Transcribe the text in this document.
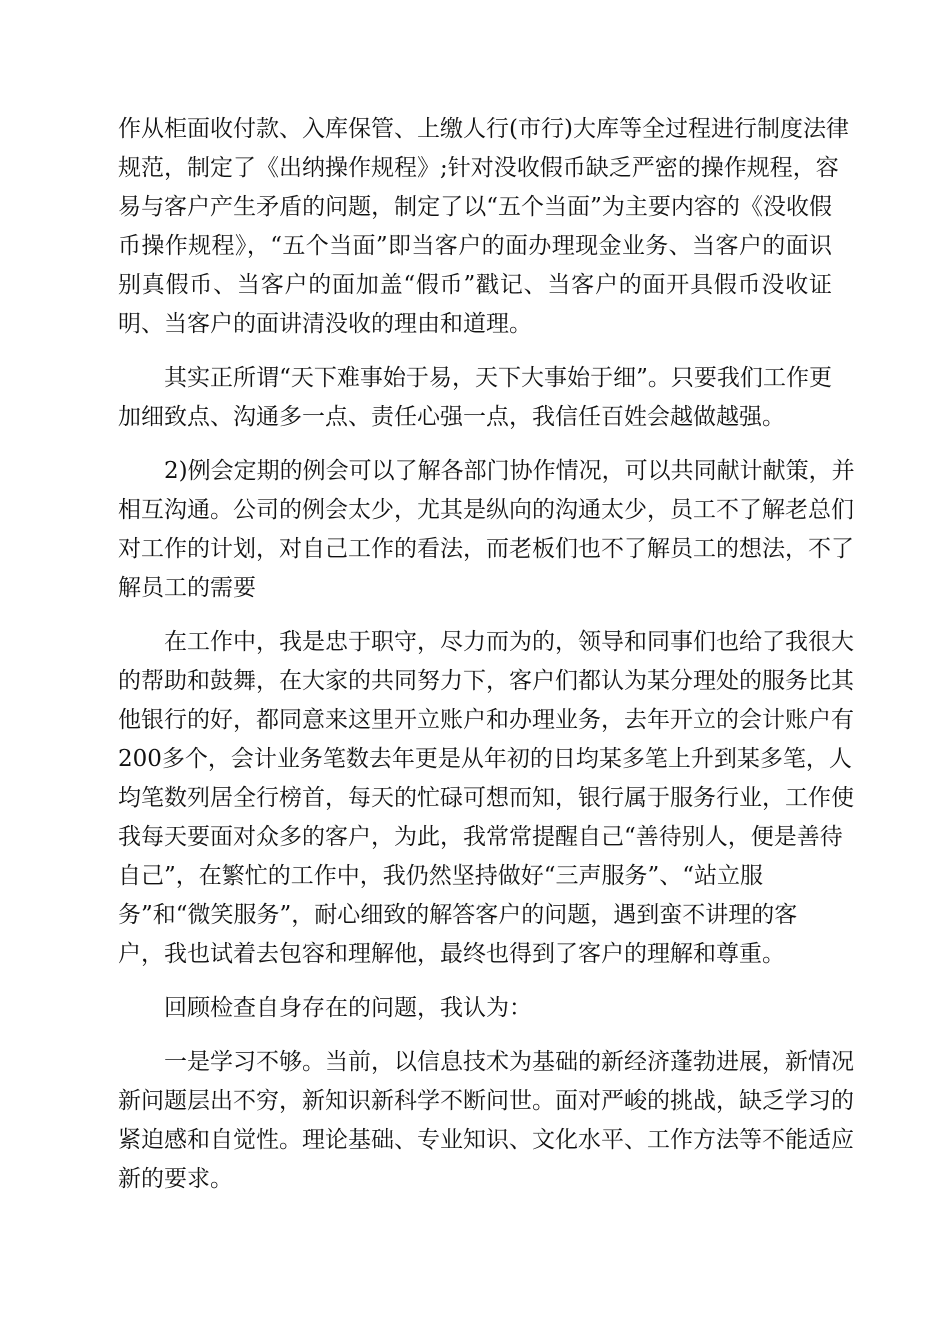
作从柜面收付款、入库保管、上缴人行(市行)大库等全过程进行制度法律
规范，制定了《出纳操作规程》;针对没收假币缺乏严密的操作规程，容
易与客户产生矛盾的问题，制定了以“五个当面”为主要内容的《没收假
币操作规程》，“五个当面”即当客户的面办理现金业务、当客户的面识
别真假币、当客户的面加盖“假币”戳记、当客户的面开具假币没收证
明、当客户的面讲清没收的理由和道理。
其实正所谓“天下难事始于易，天下大事始于细”。只要我们工作更
加细致点、沟通多一点、责任心强一点，我信任百姓会越做越强。
2)例会定期的例会可以了解各部门协作情况，可以共同献计献策，并
相互沟通。公司的例会太少，尤其是纵向的沟通太少，员工不了解老总们
对工作的计划，对自己工作的看法，而老板们也不了解员工的想法，不了
解员工的需要
在工作中，我是忠于职守，尽力而为的，领导和同事们也给了我很大
的帮助和鼓舞，在大家的共同努力下，客户们都认为某分理处的服务比其
他银行的好，都同意来这里开立账户和办理业务，去年开立的会计账户有
200多个，会计业务笔数去年更是从年初的日均某多笔上升到某多笔，人
均笔数列居全行榜首，每天的忙碌可想而知，银行属于服务行业，工作使
我每天要面对众多的客户，为此，我常常提醒自己“善待别人，便是善待
自己”，在繁忙的工作中，我仍然坚持做好“三声服务”、“站立服
务”和“微笑服务”，耐心细致的解答客户的问题，遇到蛮不讲理的客
户，我也试着去包容和理解他，最终也得到了客户的理解和尊重。
回顾检查自身存在的问题，我认为：
一是学习不够。当前，以信息技术为基础的新经济蓬勃进展，新情况
新问题层出不穷，新知识新科学不断问世。面对严峻的挑战，缺乏学习的
紧迫感和自觉性。理论基础、专业知识、文化水平、工作方法等不能适应
新的要求。
